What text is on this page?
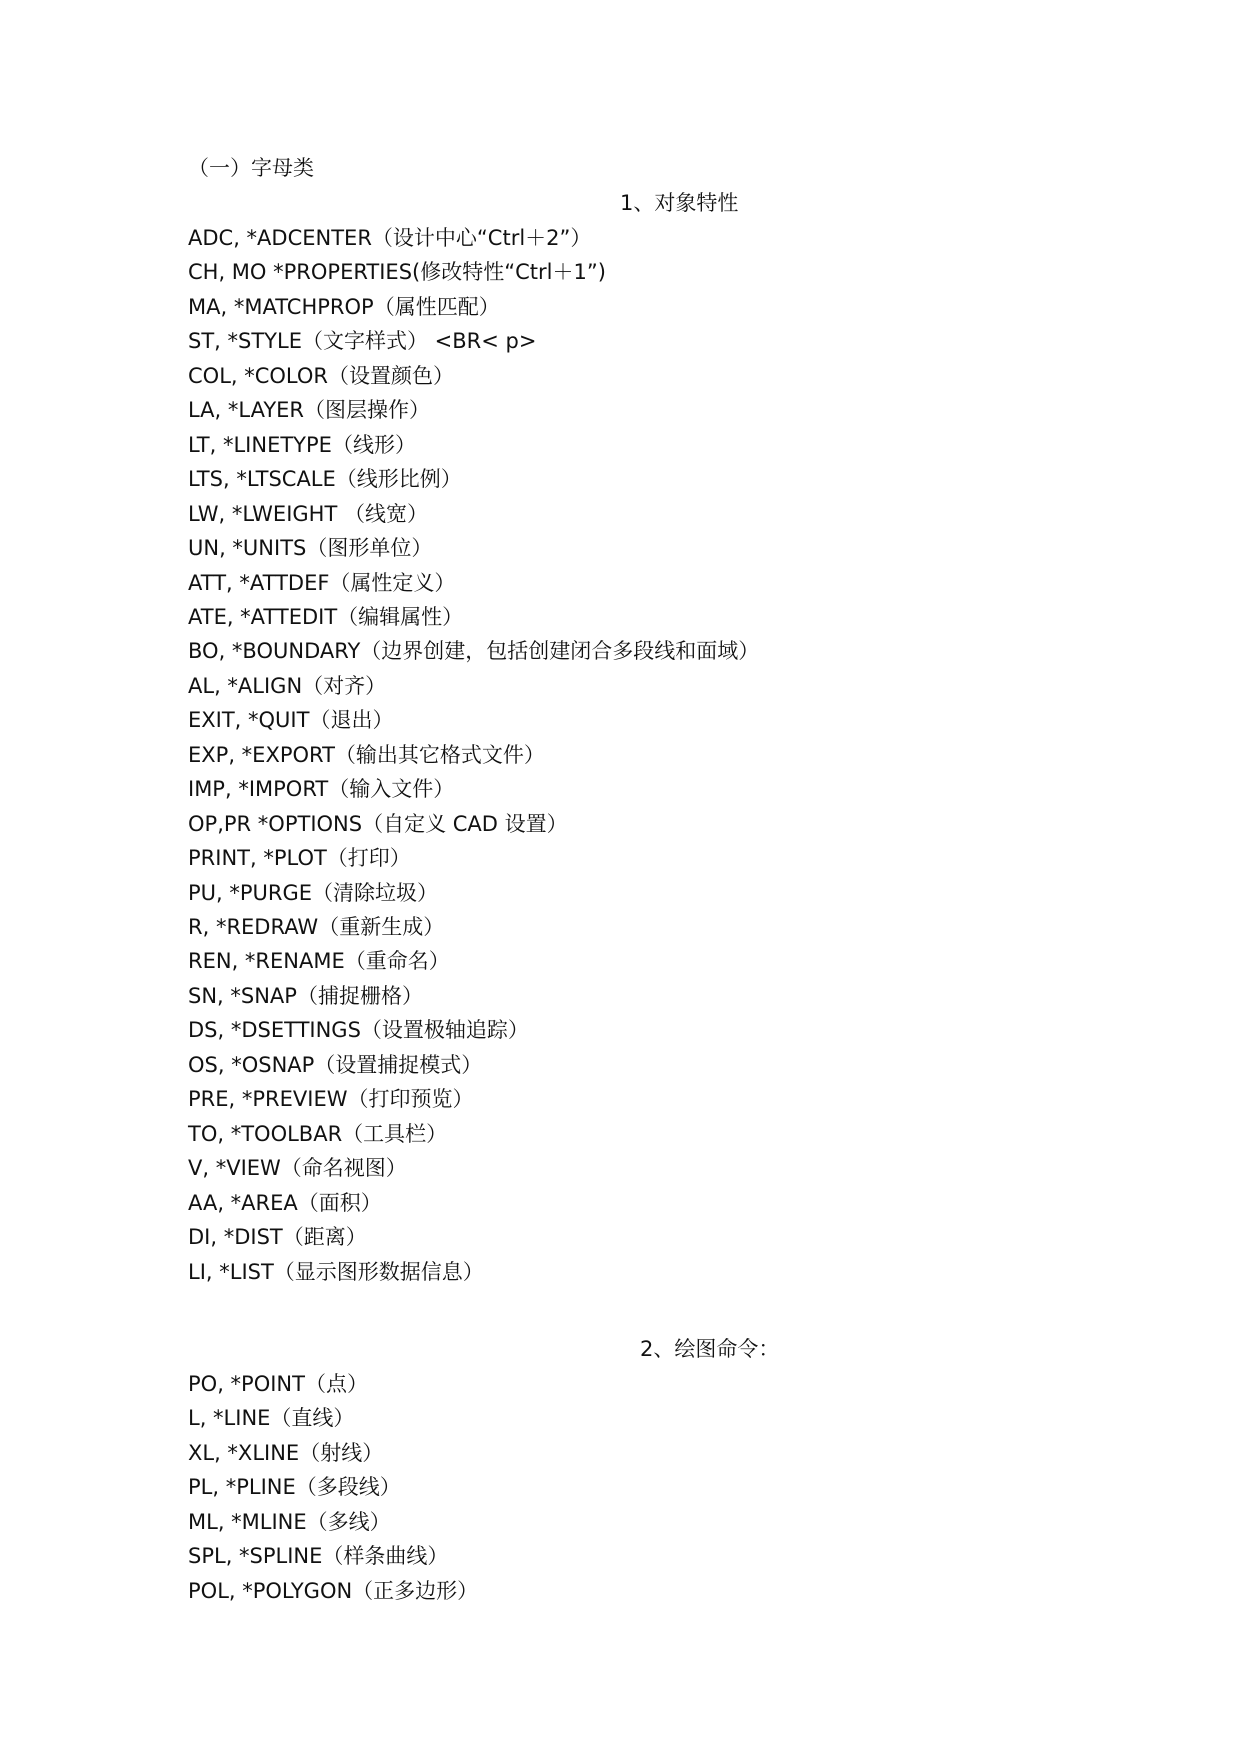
（一）字母类
1、对象特性
ADC, *ADCENTER（设计中心“Ctrl＋2”）
CH, MO *PROPERTIES(修改特性“Ctrl＋1”)
MA, *MATCHPROP（属性匹配）
ST, *STYLE（文字样式） <BR< p>
COL, *COLOR（设置颜色）
LA, *LAYER（图层操作）
LT, *LINETYPE（线形）
LTS, *LTSCALE（线形比例）
LW, *LWEIGHT （线宽）
UN, *UNITS（图形单位）
ATT, *ATTDEF（属性定义）
ATE, *ATTEDIT（编辑属性）
BO, *BOUNDARY（边界创建，包括创建闭合多段线和面域）
AL, *ALIGN（对齐）
EXIT, *QUIT（退出）
EXP, *EXPORT（输出其它格式文件）
IMP, *IMPORT（输入文件）
OP,PR *OPTIONS（自定义 CAD 设置）
PRINT, *PLOT（打印）
PU, *PURGE（清除垃圾）
R, *REDRAW（重新生成）
REN, *RENAME（重命名）
SN, *SNAP（捕捉栅格）
DS, *DSETTINGS（设置极轴追踪）
OS, *OSNAP（设置捕捉模式）
PRE, *PREVIEW（打印预览）
TO, *TOOLBAR（工具栏）
V, *VIEW（命名视图）
AA, *AREA（面积）
DI, *DIST（距离）
LI, *LIST（显示图形数据信息）
2、绘图命令：
PO, *POINT（点）
L, *LINE（直线）
XL, *XLINE（射线）
PL, *PLINE（多段线）
ML, *MLINE（多线）
SPL, *SPLINE（样条曲线）
POL, *POLYGON（正多边形）
